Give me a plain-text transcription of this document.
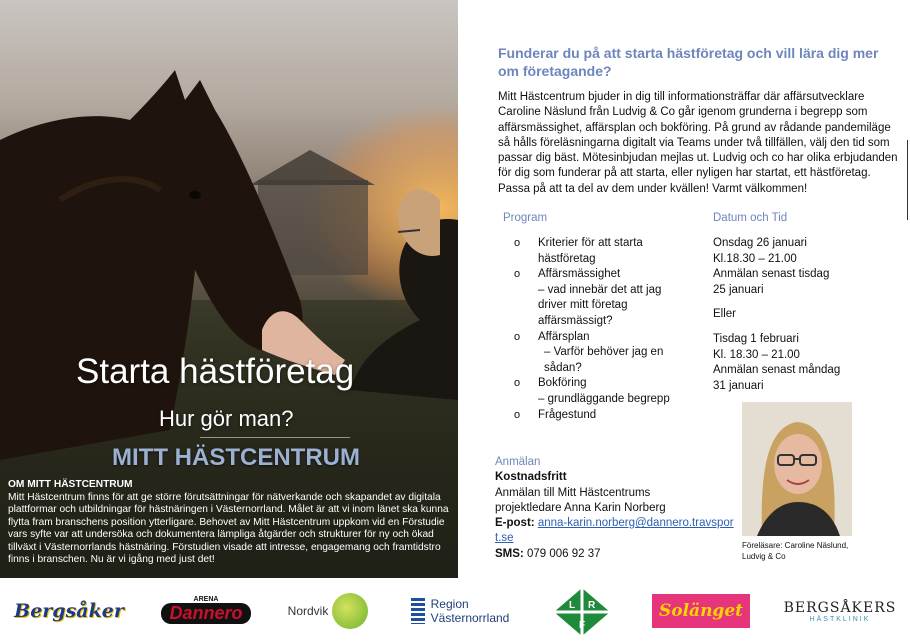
Starta hästföretag
Hur gör man?
MITT HÄSTCENTRUM
OM MITT HÄSTCENTRUM

Mitt Hästcentrum finns för att ge större förutsättningar för nätverkande och skapandet av digitala plattformar och utbildningar för hästnäringen i Västernorrland. Målet är att vi inom länet ska kunna flytta fram branschens position ytterligare. Behovet av Mitt Hästcentrum uppkom vid en Förstudie vars syfte var att undersöka och dokumentera lämpliga åtgärder och strukturer för ny och ökad tillväxt i Västernorrlands hästnäring. Förstudien visade att intresse, engagemang och framtidstro finns i branschen. Nu är vi igång med just det!

Funderar du på att starta hästföretag och vill lära dig mer om företagande?
Mitt Hästcentrum bjuder in dig till informationsträffar där affärsutvecklare Caroline Näslund från Ludvig & Co går igenom grunderna i begrepp som affärsmässighet, affärsplan och bokföring. På grund av rådande pandemiläge så hålls föreläsningarna digitalt via Teams under två tillfällen, välj den tid som passar dig bäst. Mötesinbjudan mejlas ut. Ludvig och co har olika erbjudanden för dig som funderar på att starta, eller nyligen har startat, ett hästföretag. Passa på att ta del av dem under kvällen! Varmt välkommen!
Program
o Kriterier för att starta hästföretag
o Affärsmässighet
– vad innebär det att jag driver mitt företag affärsmässigt?
o Affärsplan
– Varför behöver jag en sådan?
o Bokföring
– grundläggande begrepp
o Frågestund
Datum och Tid
Onsdag 26 januari
Kl.18.30 – 21.00
Anmälan senast tisdag
25 januari
Eller
Tisdag 1 februari
Kl. 18.30 – 21.00
Anmälan senast måndag
31 januari
Anmälan
Kostnadsfritt
Anmälan till Mitt Hästcentrums
projektledare Anna Karin Norberg
E-post: anna-karin.norberg@dannero.travsport.se
SMS: 079 006 92 37
Föreläsare: Caroline Näslund,
Ludvig & Co
Bergsåker
ARENA
Dannero	Nordvik	Region
Västernorrland
L R
F
Solänget	BERGSÅKERS
HÄSTKLINIK
